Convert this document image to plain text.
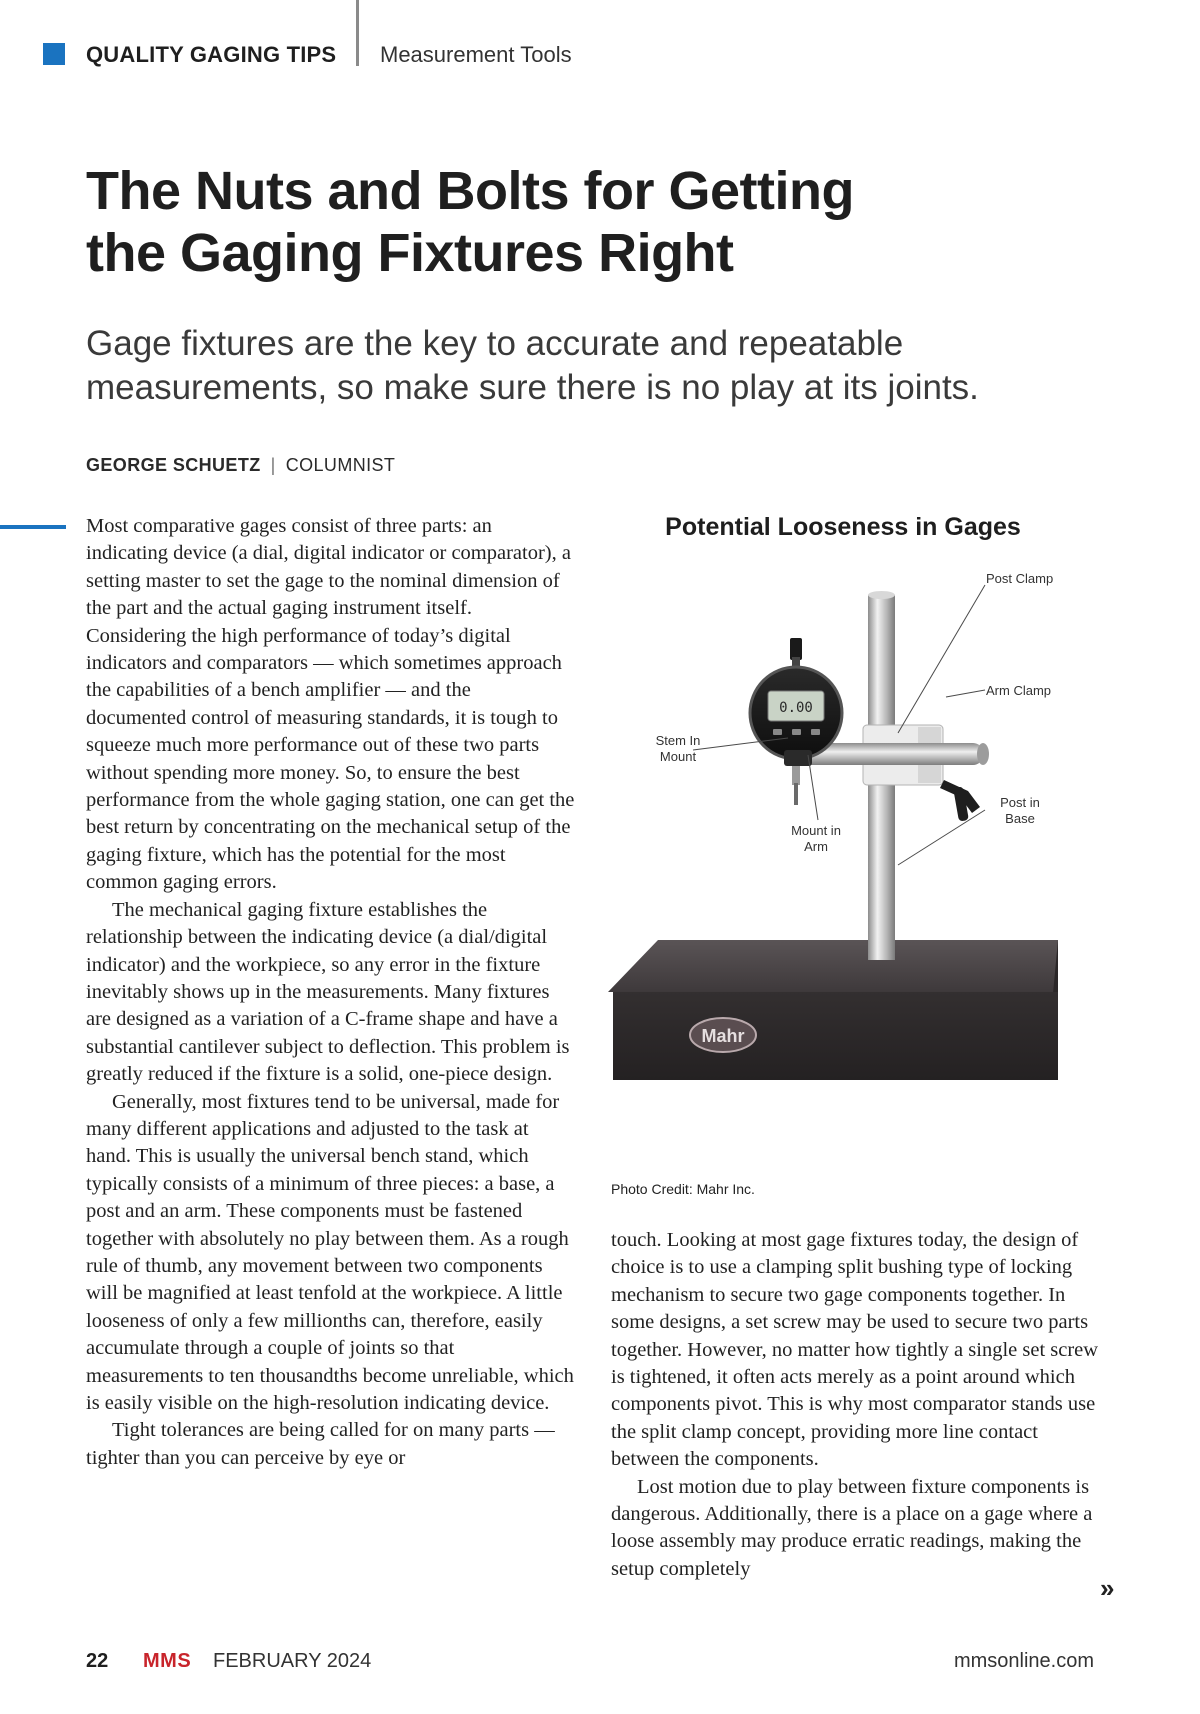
QUALITY GAGING TIPS Measurement Tools
The Nuts and Bolts for Getting
the Gaging Fixtures Right
Gage fixtures are the key to accurate and repeatable
measurements, so make sure there is no play at its joints.
GEORGE SCHUETZ | COLUMNIST

Most comparative gages consist of three parts: an indicating device (a dial, digital indicator or comparator), a setting master to set the gage to the nominal dimension of the part and the actual gaging instrument itself. Considering the high performance of today’s digital indicators and comparators — which sometimes approach the capabilities of a bench amplifier — and the documented control of measuring standards, it is tough to squeeze much more performance out of these two parts without spending more money. So, to ensure the best performance from the whole gaging station, one can get the best return by concentrating on the mechanical setup of the gaging fixture, which has the potential for the most common gaging errors.

The mechanical gaging fixture establishes the relationship between the indicating device (a dial/digital indicator) and the workpiece, so any error in the fixture inevitably shows up in the measurements. Many fixtures are designed as a variation of a C-frame shape and have a substantial cantilever subject to deflection. This problem is greatly reduced if the fixture is a solid, one-piece design.

Generally, most fixtures tend to be universal, made for many different applications and adjusted to the task at hand. This is usually the universal bench stand, which typically consists of a minimum of three pieces: a base, a post and an arm. These components must be fastened together with absolutely no play between them. As a rough rule of thumb, any movement between two components will be magnified at least tenfold at the workpiece. A little looseness of only a few millionths can, therefore, easily accumulate through a couple of joints so that measurements to ten thousandths become unreliable, which is easily visible on the high-resolution indicating device.

Tight tolerances are being called for on many parts — tighter than you can perceive by eye or

Potential Looseness in Gages
Mahr
0.00
Post Clamp
Arm Clamp
Stem In
Mount
Mount in
Arm
Post in
Base
Photo Credit: Mahr Inc.

touch. Looking at most gage fixtures today, the design of choice is to use a clamping split bushing type of locking mechanism to secure two gage components together. In some designs, a set screw may be used to secure two parts together. However, no matter how tightly a single set screw is tightened, it often acts merely as a point around which components pivot. This is why most comparator stands use the split clamp concept, providing more line contact between the components.

Lost motion due to play between fixture components is dangerous. Additionally, there is a place on a gage where a loose assembly may produce erratic readings, making the setup completely

»
22 MMS FEBRUARY 2024	mmsonline.com
